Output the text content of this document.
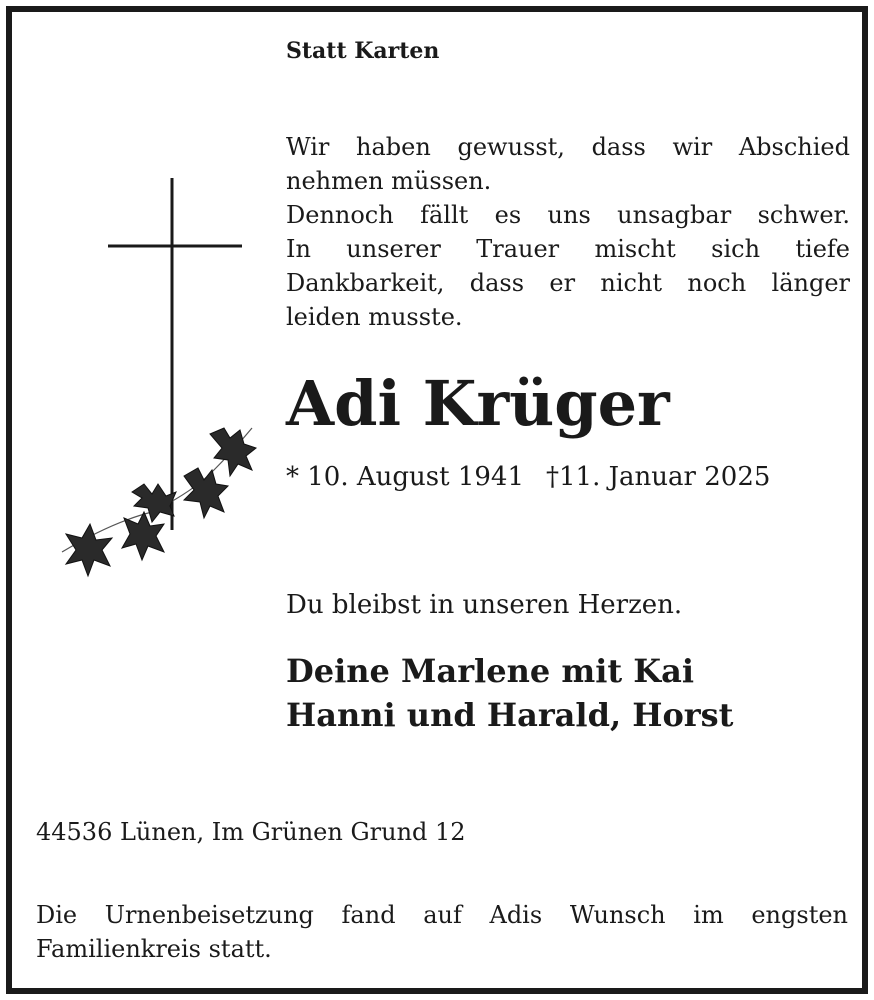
Statt Karten

Wir haben gewusst, dass wir Abschied

nehmen müssen.

Dennoch fällt es uns unsagbar schwer.

In unserer Trauer mischt sich tiefe

Dankbarkeit, dass er nicht noch länger

leiden musste.

Adi Krüger

* 10. August 1941 †11. Januar 2025

Du bleibst in unseren Herzen.

Deine Marlene mit Kai

Hanni und Harald, Horst

44536 Lünen, Im Grünen Grund 12

Die Urnenbeisetzung fand auf Adis Wunsch im engsten

Familienkreis statt.
